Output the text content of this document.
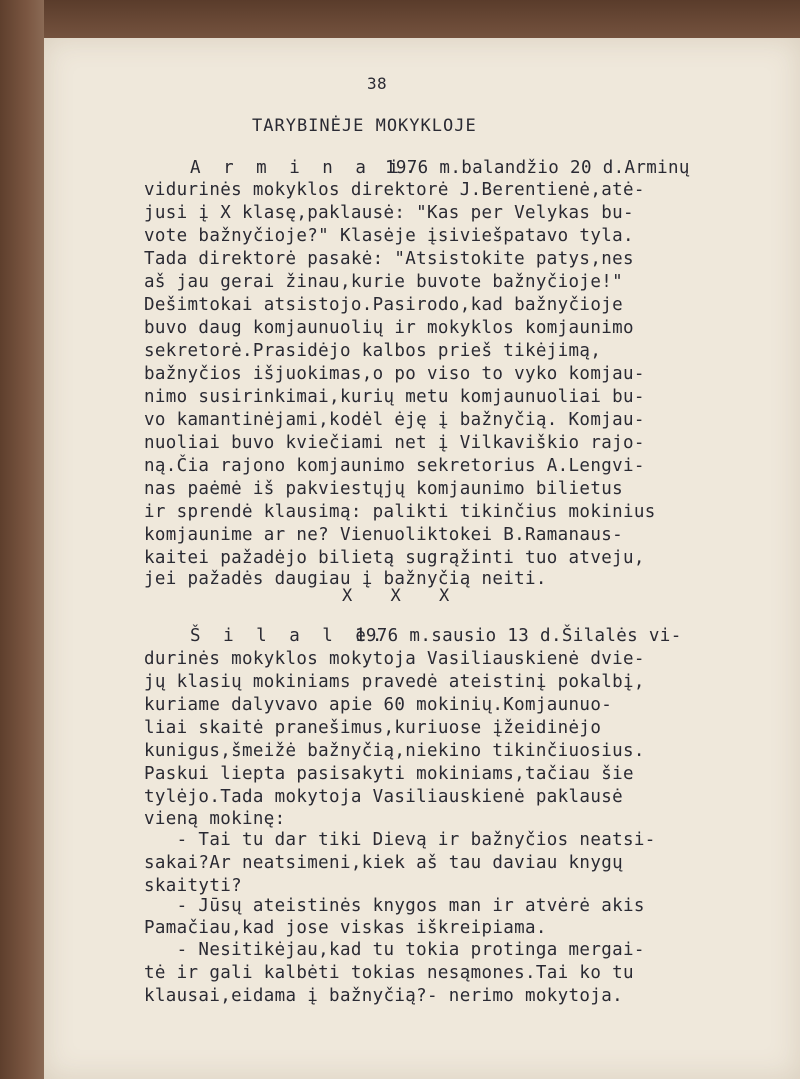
38
TARYBINĖJE MOKYKLOJE
A r m i n a i.
1976 m.balandžio 20 d.Arminų
vidurinės mokyklos direktorė J.Berentienė,atė-
jusi į X klasę,paklausė: "Kas per Velykas bu-
vote bažnyčioje?" Klasėje įsiviešpatavo tyla.
Tada direktorė pasakė: "Atsistokite patys,nes
aš jau gerai žinau,kurie buvote bažnyčioje!"
Dešimtokai atsistojo.Pasirodo,kad bažnyčioje
buvo daug komjaunuolių ir mokyklos komjaunimo
sekretorė.Prasidėjo kalbos prieš tikėjimą,
bažnyčios išjuokimas,o po viso to vyko komjau-
nimo susirinkimai,kurių metu komjaunuoliai bu-
vo kamantinėjami,kodėl ėję į bažnyčią. Komjau-
nuoliai buvo kviečiami net į Vilkaviškio rajo-
ną.Čia rajono komjaunimo sekretorius A.Lengvi-
nas paėmė iš pakviestųjų komjaunimo bilietus
ir sprendė klausimą: palikti tikinčius mokinius
komjaunime ar ne? Vienuoliktokei B.Ramanaus-
kaitei pažadėjo bilietą sugrąžinti tuo atveju,
jei pažadės daugiau į bažnyčią neiti.
X X X
Š i l a l ė.
1976 m.sausio 13 d.Šilalės vi-
durinės mokyklos mokytoja Vasiliauskienė dvie-
jų klasių mokiniams pravedė ateistinį pokalbį,
kuriame dalyvavo apie 60 mokinių.Komjaunuo-
liai skaitė pranešimus,kuriuose įžeidinėjo
kunigus,šmeižė bažnyčią,niekino tikinčiuosius.
Paskui liepta pasisakyti mokiniams,tačiau šie
tylėjo.Tada mokytoja Vasiliauskienė paklausė
vieną mokinę:
- Tai tu dar tiki Dievą ir bažnyčios neatsi-
sakai?Ar neatsimeni,kiek aš tau daviau knygų
skaityti?
- Jūsų ateistinės knygos man ir atvėrė akis
Pamačiau,kad jose viskas iškreipiama.
- Nesitikėjau,kad tu tokia protinga mergai-
tė ir gali kalbėti tokias nesąmones.Tai ko tu
klausai,eidama į bažnyčią?- nerimo mokytoja.
